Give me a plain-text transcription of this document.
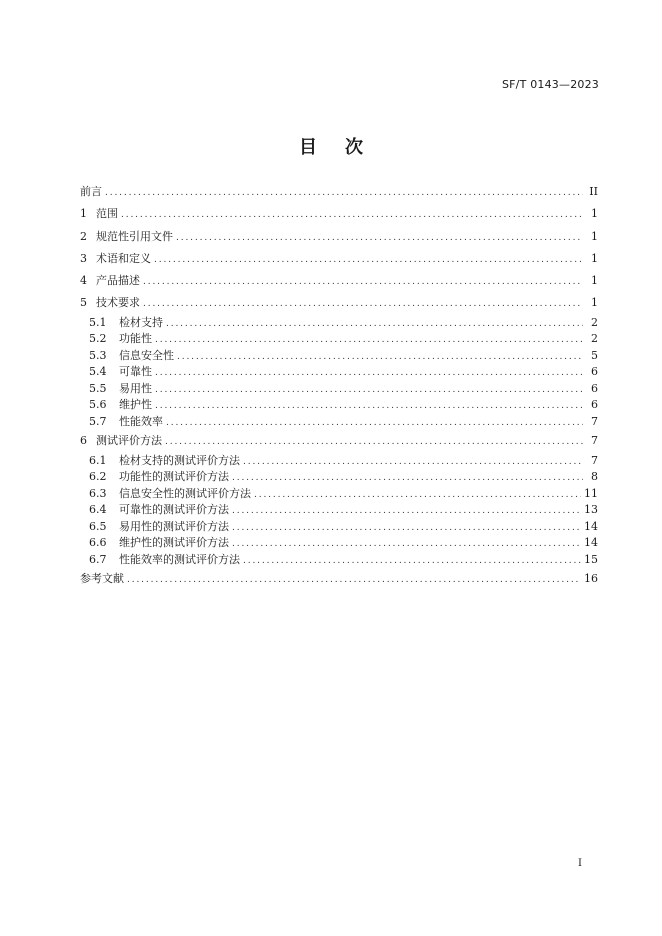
SF/T 0143—2023
目次
前言 . . .	II
1 范围 . . .	1
2 规范性引用文件 . . .	1
3 术语和定义 . . .	1
4 产品描述 . . .	1
5 技术要求 . . .	1
5.1	检材支持 . . .	2
5.2	功能性 . . .	2
5.3	信息安全性 . . .	5
5.4	可靠性 . . .	6
5.5	易用性 . . .	6
5.6	维护性 . . .	6
5.7	性能效率 . . .	7
6 测试评价方法 . . .	7
6.1	检材支持的测试评价方法 . . .	7
6.2	功能性的测试评价方法 . . .	8
6.3	信息安全性的测试评价方法 . . .	11
6.4	可靠性的测试评价方法 . . .	13
6.5	易用性的测试评价方法 . . .	14
6.6	维护性的测试评价方法 . . .	14
6.7	性能效率的测试评价方法 . . .	15
参考文献 . . .	16
I
